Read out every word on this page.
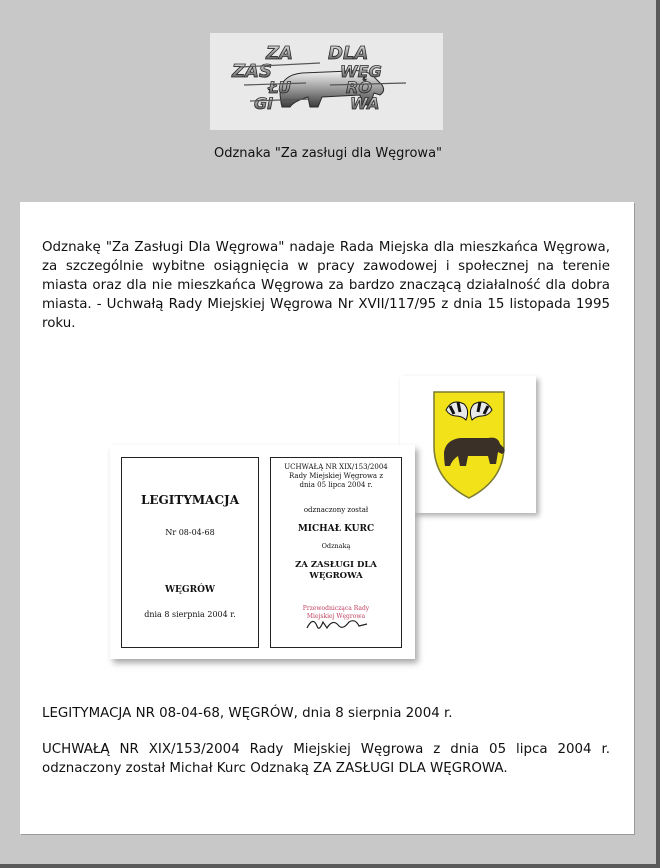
ZA DLA
ZAS	WĘG
ŁU	RO
GI	WA
Odznaka "Za zasługi dla Węgrowa"

Odznakę "Za Zasługi Dla Węgrowa" nadaje Rada Miejska dla mieszkańca Węgrowa, za szczególnie wybitne osiągnięcia w pracy zawodowej i społecznej na terenie miasta oraz dla nie mieszkańca Węgrowa za bardzo znaczącą działalność dla dobra miasta. - Uchwałą Rady Miejskiej Węgrowa Nr XVII/117/95 z dnia 15 listopada 1995 roku.

LEGITYMACJA
Nr 08-04-68
WĘGRÓW
dnia 8 sierpnia 2004 r.
UCHWAŁĄ NR XIX/153/2004 Rady Miejskiej Węgrowa z dnia 05 lipca 2004 r.
odznaczony został
MICHAŁ KURC
Odznaką
ZA ZASŁUGI DLA WĘGROWA
Przewodnicząca Rady Miejskiej Węgrowa

LEGITYMACJA NR 08-04-68, WĘGRÓW, dnia 8 sierpnia 2004 r.

UCHWAŁĄ NR XIX/153/2004 Rady Miejskiej Węgrowa z dnia 05 lipca 2004 r. odznaczony został Michał Kurc Odznaką ZA ZASŁUGI DLA WĘGROWA.
